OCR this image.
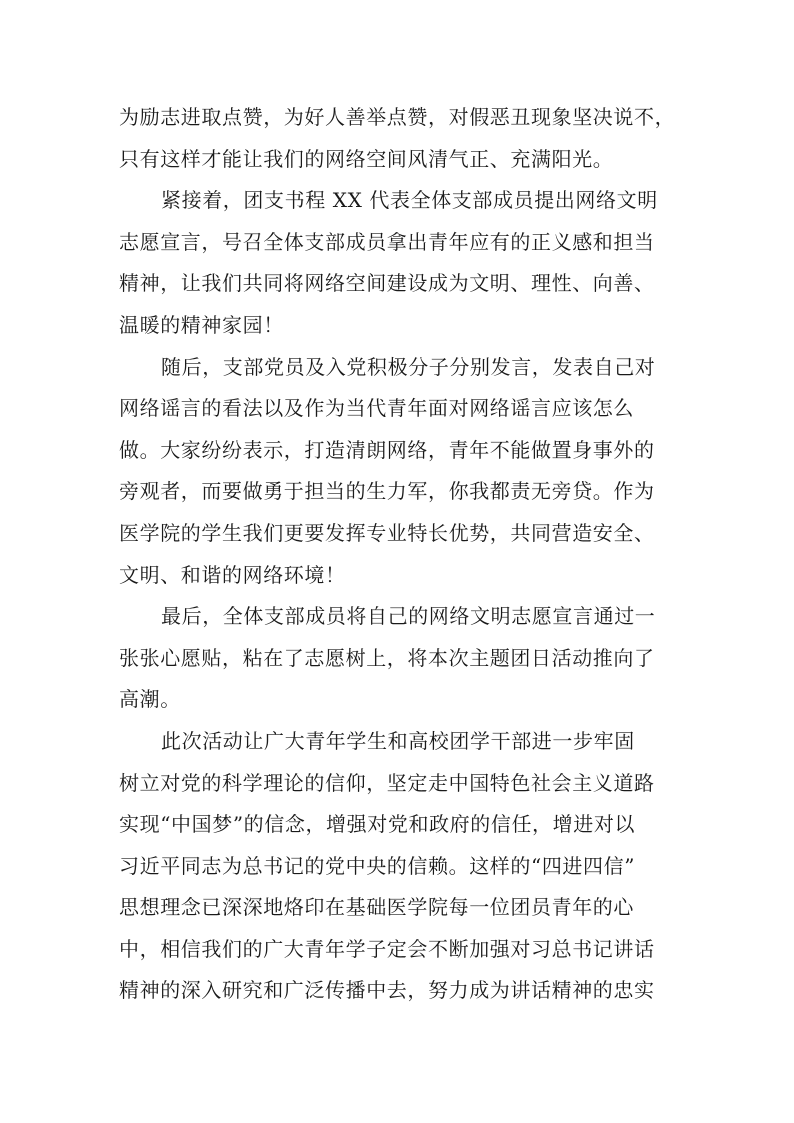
为励志进取点赞，为好人善举点赞，对假恶丑现象坚决说不，
只有这样才能让我们的网络空间风清气正、充满阳光。
紧接着，团支书程 XX 代表全体支部成员提出网络文明
志愿宣言，号召全体支部成员拿出青年应有的正义感和担当
精神，让我们共同将网络空间建设成为文明、理性、向善、
温暖的精神家园！
随后，支部党员及入党积极分子分别发言，发表自己对
网络谣言的看法以及作为当代青年面对网络谣言应该怎么
做。大家纷纷表示，打造清朗网络，青年不能做置身事外的
旁观者，而要做勇于担当的生力军，你我都责无旁贷。作为
医学院的学生我们更要发挥专业特长优势，共同营造安全、
文明、和谐的网络环境！
最后，全体支部成员将自己的网络文明志愿宣言通过一
张张心愿贴，粘在了志愿树上，将本次主题团日活动推向了
高潮。
此次活动让广大青年学生和高校团学干部进一步牢固
树立对党的科学理论的信仰，坚定走中国特色社会主义道路
实现“中国梦”的信念，增强对党和政府的信任，增进对以
习近平同志为总书记的党中央的信赖。这样的“四进四信”
思想理念已深深地烙印在基础医学院每一位团员青年的心
中，相信我们的广大青年学子定会不断加强对习总书记讲话
精神的深入研究和广泛传播中去，努力成为讲话精神的忠实
